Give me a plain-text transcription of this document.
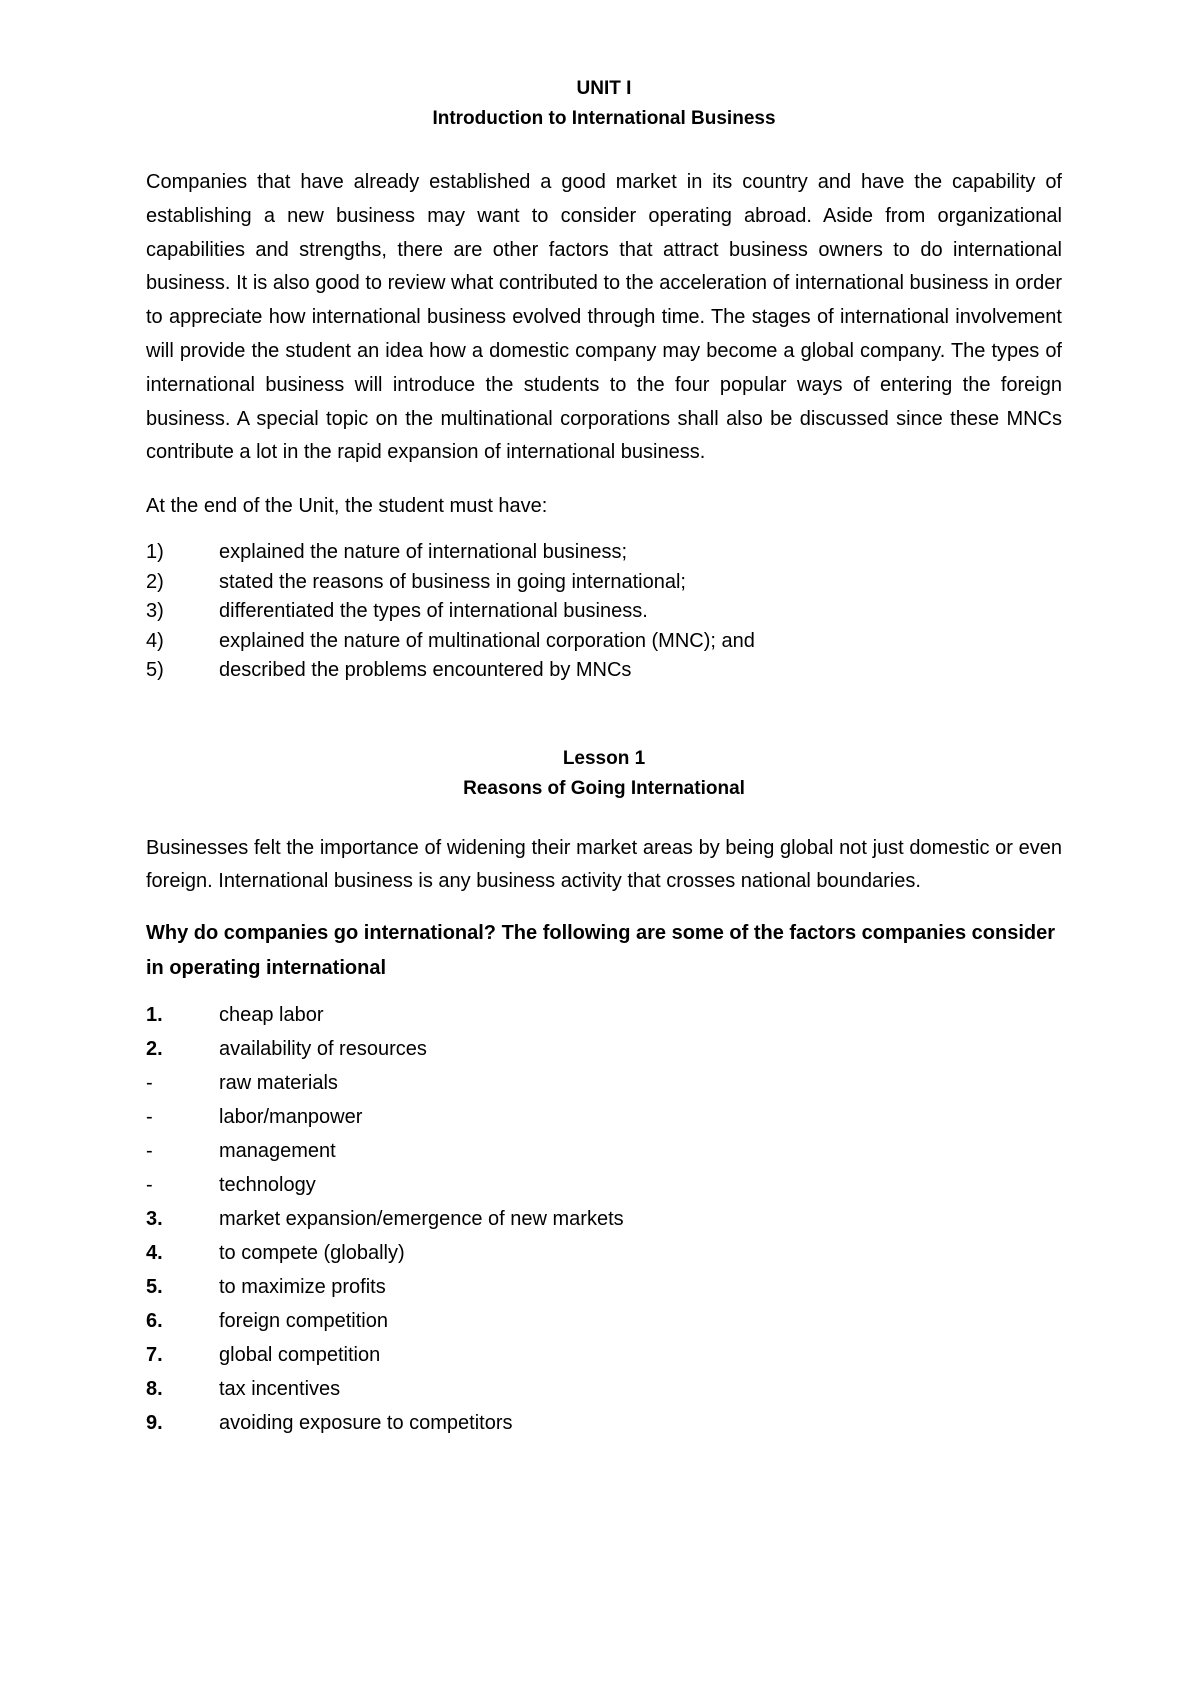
UNIT I

Introduction to International Business

Companies that have already established a good market in its country and have the capability of establishing a new business may want to consider operating abroad. Aside from organizational capabilities and strengths, there are other factors that attract business owners to do international business. It is also good to review what contributed to the acceleration of international business in order to appreciate how international business evolved through time. The stages of international involvement will provide the student an idea how a domestic company may become a global company. The types of international business will introduce the students to the four popular ways of entering the foreign business. A special topic on the multinational corporations shall also be discussed since these MNCs contribute a lot in the rapid expansion of international business.

At the end of the Unit, the student must have:

1)	explained the nature of international business;
2)	stated the reasons of business in going international;
3)	differentiated the types of international business.
4)	explained the nature of multinational corporation (MNC); and
5)	described the problems encountered by MNCs

Lesson 1

Reasons of Going International

Businesses felt the importance of widening their market areas by being global not just domestic or even foreign. International business is any business activity that crosses national boundaries.

Why do companies go international? The following are some of the factors companies consider in operating international

1.	cheap labor
2.	availability of resources
-	raw materials
-	labor/manpower
-	management
-	technology
3.	market expansion/emergence of new markets
4.	to compete (globally)
5.	to maximize profits
6.	foreign competition
7.	global competition
8.	tax incentives
9.	avoiding exposure to competitors
